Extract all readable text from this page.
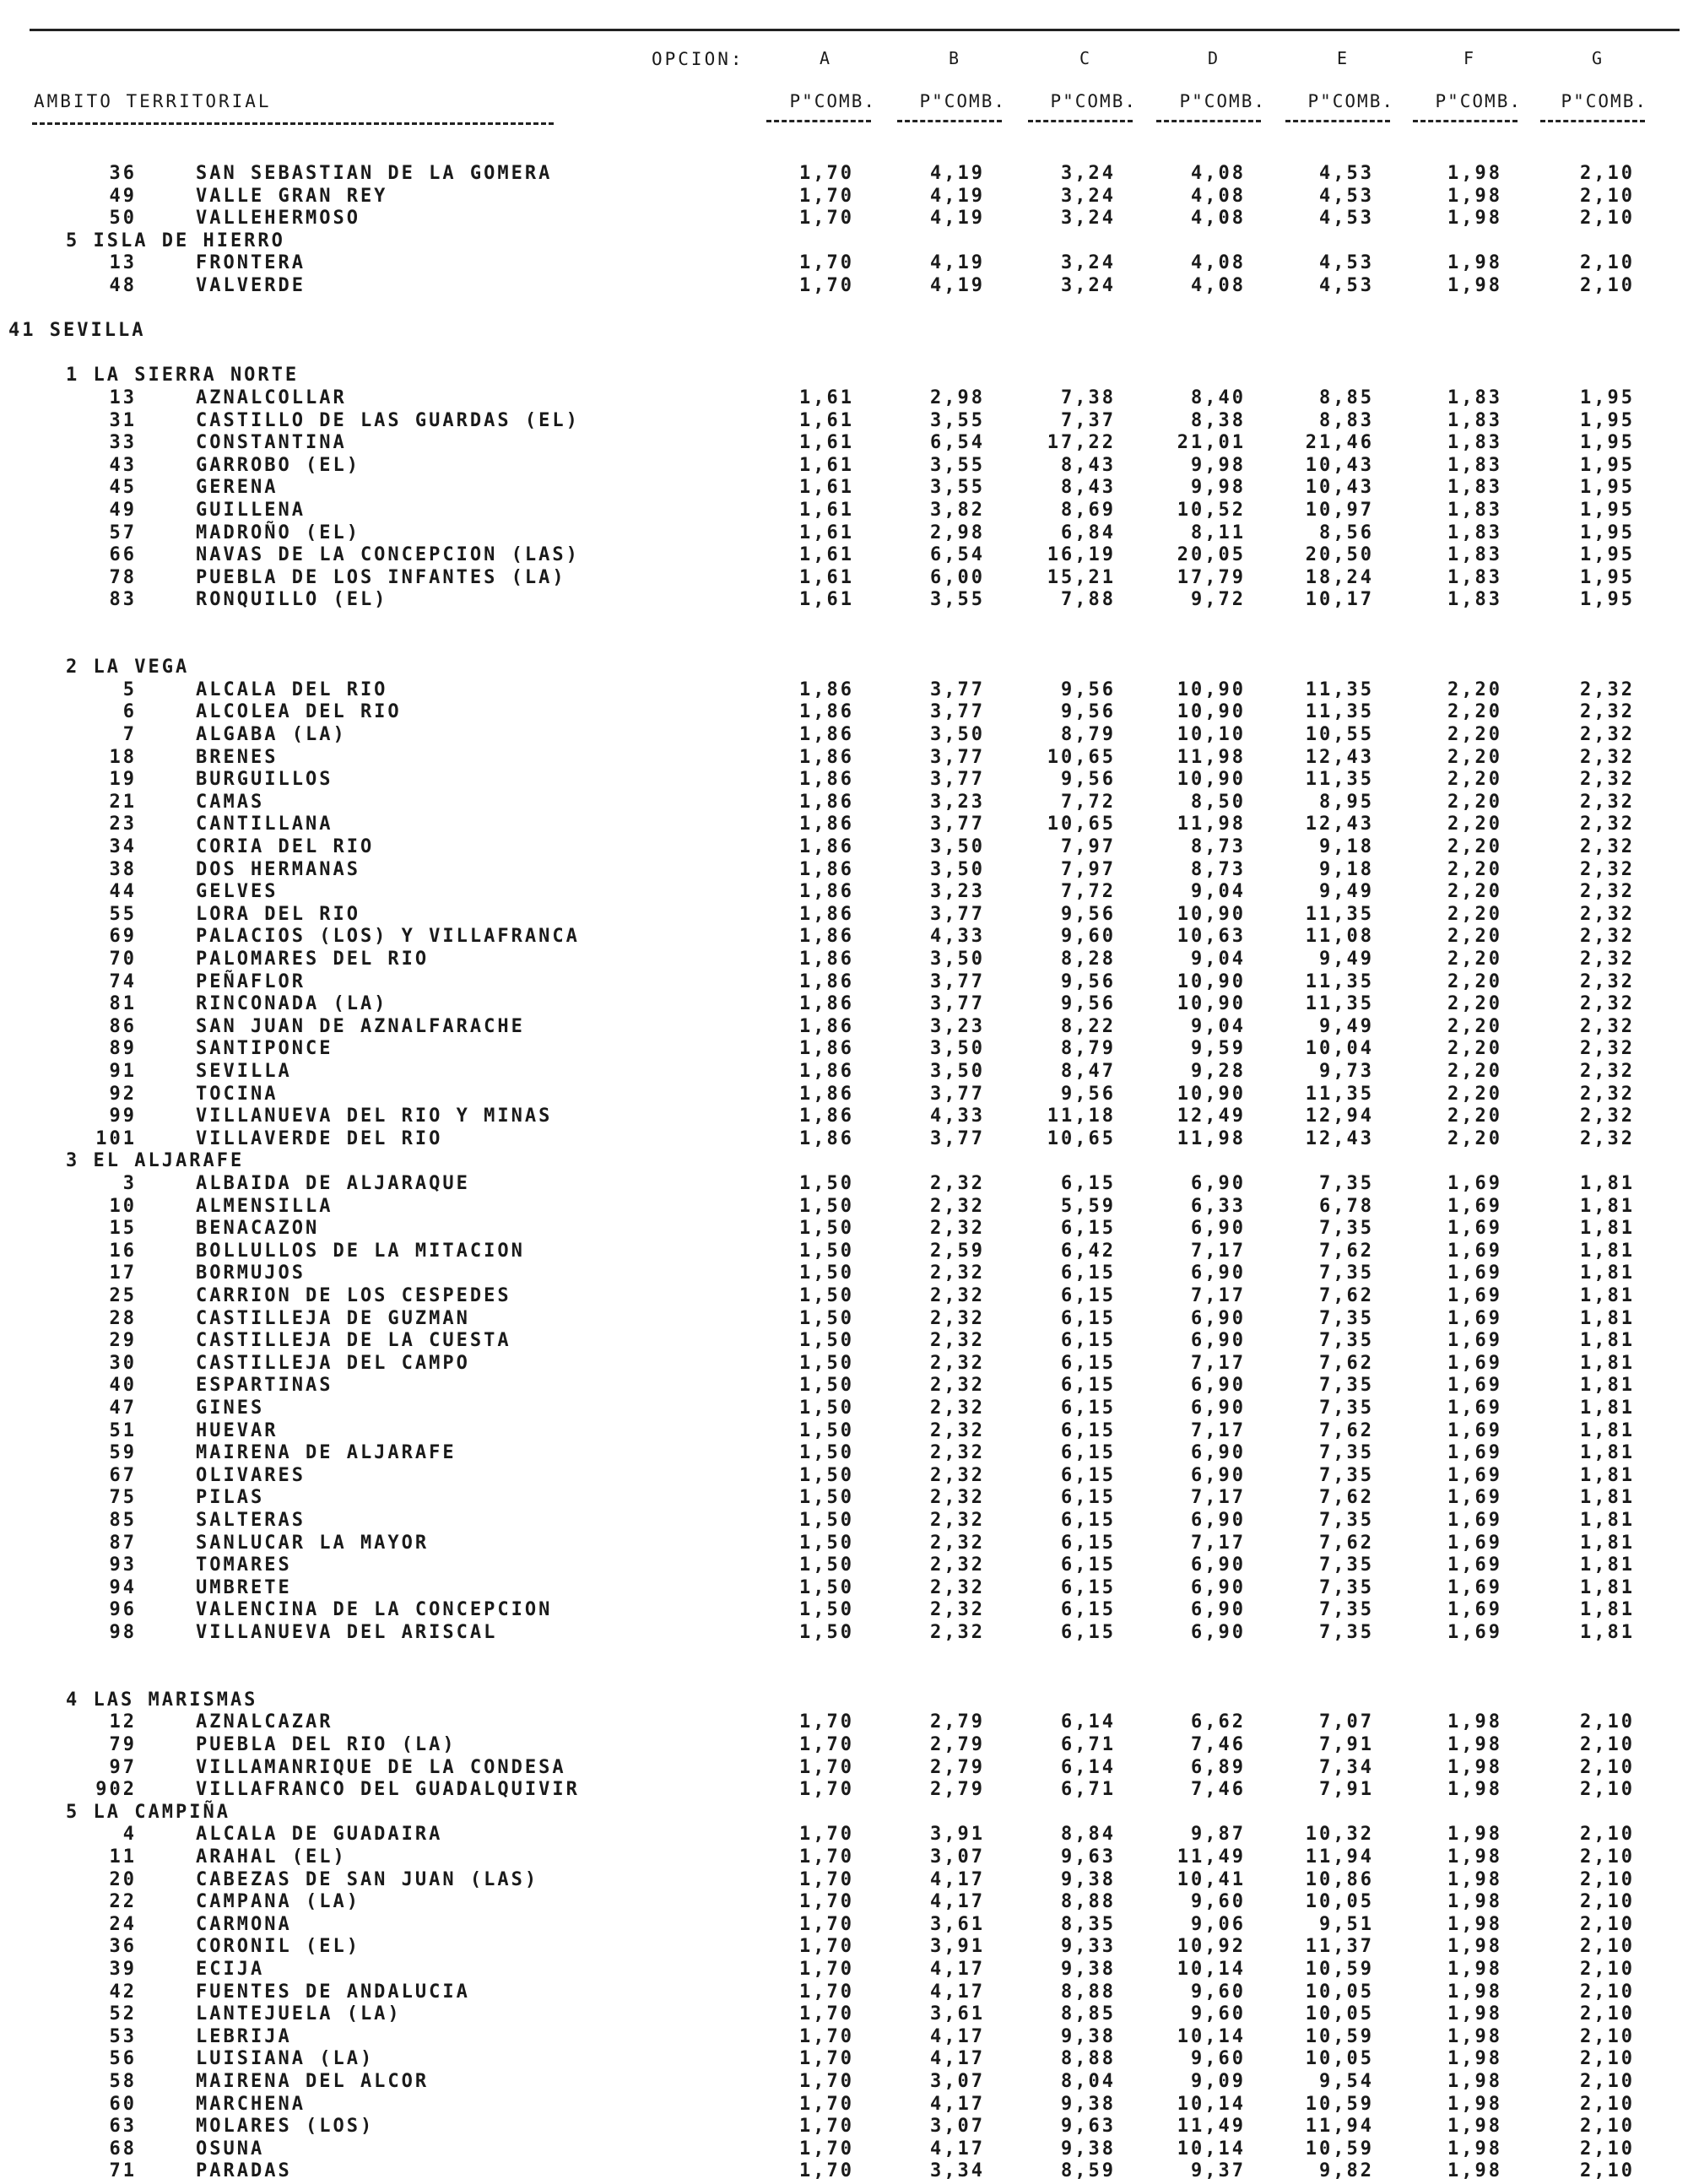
OPCION:	A	B	C	D	E	F	G
AMBITO TERRITORIAL	P"COMB.	P"COMB.	P"COMB.	P"COMB.	P"COMB.	P"COMB.	P"COMB.
36	SAN SEBASTIAN DE LA GOMERA	1,70	4,19	3,24	4,08	4,53	1,98	2,10
49	VALLE GRAN REY	1,70	4,19	3,24	4,08	4,53	1,98	2,10
50	VALLEHERMOSO	1,70	4,19	3,24	4,08	4,53	1,98	2,10
5 ISLA DE HIERRO
13	FRONTERA	1,70	4,19	3,24	4,08	4,53	1,98	2,10
48	VALVERDE	1,70	4,19	3,24	4,08	4,53	1,98	2,10
41 SEVILLA
1 LA SIERRA NORTE
13	AZNALCOLLAR	1,61	2,98	7,38	8,40	8,85	1,83	1,95
31	CASTILLO DE LAS GUARDAS (EL)	1,61	3,55	7,37	8,38	8,83	1,83	1,95
33	CONSTANTINA	1,61	6,54	17,22	21,01	21,46	1,83	1,95
43	GARROBO (EL)	1,61	3,55	8,43	9,98	10,43	1,83	1,95
45	GERENA	1,61	3,55	8,43	9,98	10,43	1,83	1,95
49	GUILLENA	1,61	3,82	8,69	10,52	10,97	1,83	1,95
57	MADROÑO (EL)	1,61	2,98	6,84	8,11	8,56	1,83	1,95
66	NAVAS DE LA CONCEPCION (LAS)	1,61	6,54	16,19	20,05	20,50	1,83	1,95
78	PUEBLA DE LOS INFANTES (LA)	1,61	6,00	15,21	17,79	18,24	1,83	1,95
83	RONQUILLO (EL)	1,61	3,55	7,88	9,72	10,17	1,83	1,95
2 LA VEGA
5	ALCALA DEL RIO	1,86	3,77	9,56	10,90	11,35	2,20	2,32
6	ALCOLEA DEL RIO	1,86	3,77	9,56	10,90	11,35	2,20	2,32
7	ALGABA (LA)	1,86	3,50	8,79	10,10	10,55	2,20	2,32
18	BRENES	1,86	3,77	10,65	11,98	12,43	2,20	2,32
19	BURGUILLOS	1,86	3,77	9,56	10,90	11,35	2,20	2,32
21	CAMAS	1,86	3,23	7,72	8,50	8,95	2,20	2,32
23	CANTILLANA	1,86	3,77	10,65	11,98	12,43	2,20	2,32
34	CORIA DEL RIO	1,86	3,50	7,97	8,73	9,18	2,20	2,32
38	DOS HERMANAS	1,86	3,50	7,97	8,73	9,18	2,20	2,32
44	GELVES	1,86	3,23	7,72	9,04	9,49	2,20	2,32
55	LORA DEL RIO	1,86	3,77	9,56	10,90	11,35	2,20	2,32
69	PALACIOS (LOS) Y VILLAFRANCA	1,86	4,33	9,60	10,63	11,08	2,20	2,32
70	PALOMARES DEL RIO	1,86	3,50	8,28	9,04	9,49	2,20	2,32
74	PEÑAFLOR	1,86	3,77	9,56	10,90	11,35	2,20	2,32
81	RINCONADA (LA)	1,86	3,77	9,56	10,90	11,35	2,20	2,32
86	SAN JUAN DE AZNALFARACHE	1,86	3,23	8,22	9,04	9,49	2,20	2,32
89	SANTIPONCE	1,86	3,50	8,79	9,59	10,04	2,20	2,32
91	SEVILLA	1,86	3,50	8,47	9,28	9,73	2,20	2,32
92	TOCINA	1,86	3,77	9,56	10,90	11,35	2,20	2,32
99	VILLANUEVA DEL RIO Y MINAS	1,86	4,33	11,18	12,49	12,94	2,20	2,32
101	VILLAVERDE DEL RIO	1,86	3,77	10,65	11,98	12,43	2,20	2,32
3 EL ALJARAFE
3	ALBAIDA DE ALJARAQUE	1,50	2,32	6,15	6,90	7,35	1,69	1,81
10	ALMENSILLA	1,50	2,32	5,59	6,33	6,78	1,69	1,81
15	BENACAZON	1,50	2,32	6,15	6,90	7,35	1,69	1,81
16	BOLLULLOS DE LA MITACION	1,50	2,59	6,42	7,17	7,62	1,69	1,81
17	BORMUJOS	1,50	2,32	6,15	6,90	7,35	1,69	1,81
25	CARRION DE LOS CESPEDES	1,50	2,32	6,15	7,17	7,62	1,69	1,81
28	CASTILLEJA DE GUZMAN	1,50	2,32	6,15	6,90	7,35	1,69	1,81
29	CASTILLEJA DE LA CUESTA	1,50	2,32	6,15	6,90	7,35	1,69	1,81
30	CASTILLEJA DEL CAMPO	1,50	2,32	6,15	7,17	7,62	1,69	1,81
40	ESPARTINAS	1,50	2,32	6,15	6,90	7,35	1,69	1,81
47	GINES	1,50	2,32	6,15	6,90	7,35	1,69	1,81
51	HUEVAR	1,50	2,32	6,15	7,17	7,62	1,69	1,81
59	MAIRENA DE ALJARAFE	1,50	2,32	6,15	6,90	7,35	1,69	1,81
67	OLIVARES	1,50	2,32	6,15	6,90	7,35	1,69	1,81
75	PILAS	1,50	2,32	6,15	7,17	7,62	1,69	1,81
85	SALTERAS	1,50	2,32	6,15	6,90	7,35	1,69	1,81
87	SANLUCAR LA MAYOR	1,50	2,32	6,15	7,17	7,62	1,69	1,81
93	TOMARES	1,50	2,32	6,15	6,90	7,35	1,69	1,81
94	UMBRETE	1,50	2,32	6,15	6,90	7,35	1,69	1,81
96	VALENCINA DE LA CONCEPCION	1,50	2,32	6,15	6,90	7,35	1,69	1,81
98	VILLANUEVA DEL ARISCAL	1,50	2,32	6,15	6,90	7,35	1,69	1,81
4 LAS MARISMAS
12	AZNALCAZAR	1,70	2,79	6,14	6,62	7,07	1,98	2,10
79	PUEBLA DEL RIO (LA)	1,70	2,79	6,71	7,46	7,91	1,98	2,10
97	VILLAMANRIQUE DE LA CONDESA	1,70	2,79	6,14	6,89	7,34	1,98	2,10
902	VILLAFRANCO DEL GUADALQUIVIR	1,70	2,79	6,71	7,46	7,91	1,98	2,10
5 LA CAMPIÑA
4	ALCALA DE GUADAIRA	1,70	3,91	8,84	9,87	10,32	1,98	2,10
11	ARAHAL (EL)	1,70	3,07	9,63	11,49	11,94	1,98	2,10
20	CABEZAS DE SAN JUAN (LAS)	1,70	4,17	9,38	10,41	10,86	1,98	2,10
22	CAMPANA (LA)	1,70	4,17	8,88	9,60	10,05	1,98	2,10
24	CARMONA	1,70	3,61	8,35	9,06	9,51	1,98	2,10
36	CORONIL (EL)	1,70	3,91	9,33	10,92	11,37	1,98	2,10
39	ECIJA	1,70	4,17	9,38	10,14	10,59	1,98	2,10
42	FUENTES DE ANDALUCIA	1,70	4,17	8,88	9,60	10,05	1,98	2,10
52	LANTEJUELA (LA)	1,70	3,61	8,85	9,60	10,05	1,98	2,10
53	LEBRIJA	1,70	4,17	9,38	10,14	10,59	1,98	2,10
56	LUISIANA (LA)	1,70	4,17	8,88	9,60	10,05	1,98	2,10
58	MAIRENA DEL ALCOR	1,70	3,07	8,04	9,09	9,54	1,98	2,10
60	MARCHENA	1,70	4,17	9,38	10,14	10,59	1,98	2,10
63	MOLARES (LOS)	1,70	3,07	9,63	11,49	11,94	1,98	2,10
68	OSUNA	1,70	4,17	9,38	10,14	10,59	1,98	2,10
71	PARADAS	1,70	3,34	8,59	9,37	9,82	1,98	2,10
